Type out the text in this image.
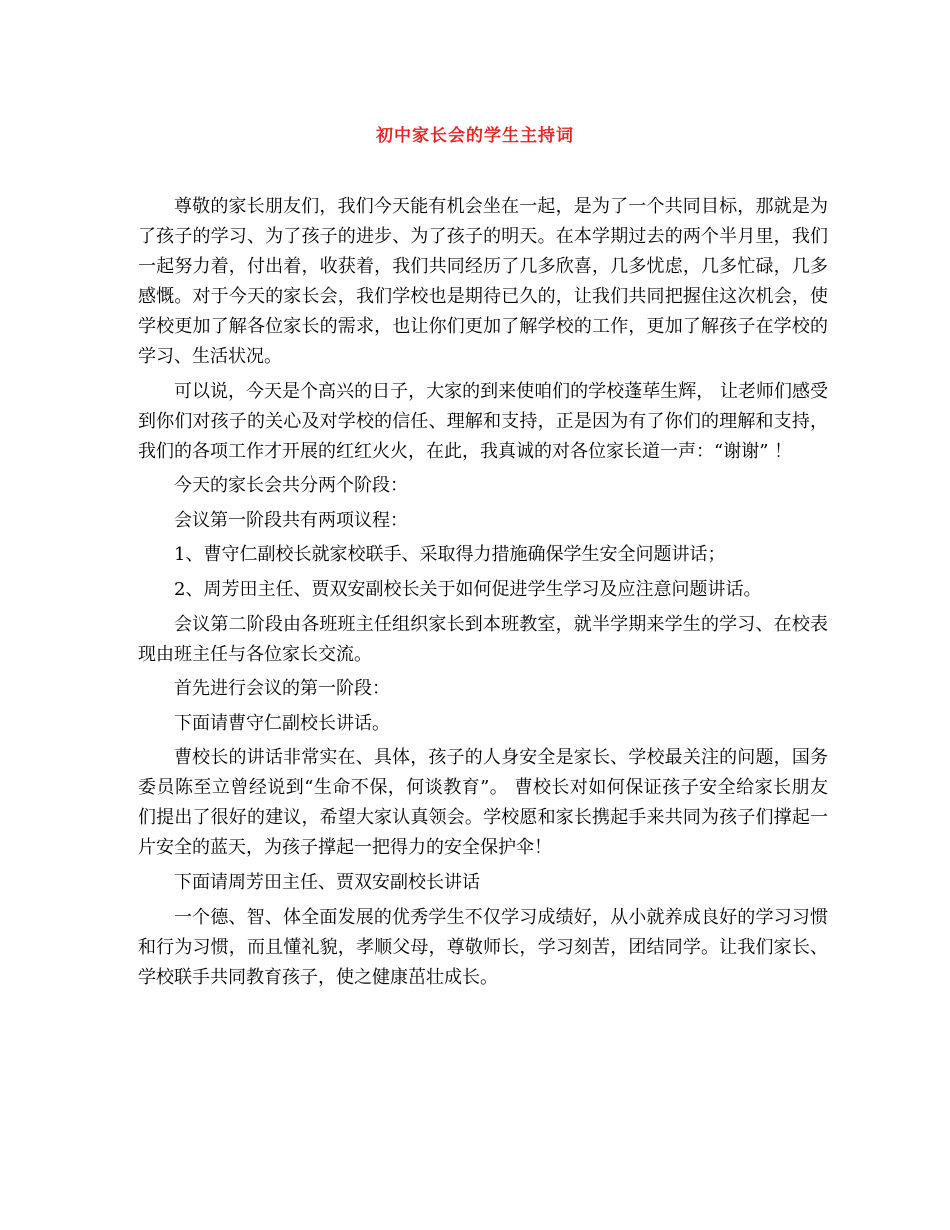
初中家长会的学生主持词

尊敬的家长朋友们，我们今天能有机会坐在一起，是为了一个共同目标，那就是为了孩子的学习、为了孩子的进步、为了孩子的明天。在本学期过去的两个半月里，我们一起努力着，付出着，收获着，我们共同经历了几多欣喜，几多忧虑，几多忙碌，几多感慨。对于今天的家长会，我们学校也是期待已久的，让我们共同把握住这次机会，使学校更加了解各位家长的需求，也让你们更加了解学校的工作，更加了解孩子在学校的学习、生活状况。

可以说，今天是个高兴的日子，大家的到来使咱们的学校蓬荜生辉， 让老师们感受到你们对孩子的关心及对学校的信任、理解和支持，正是因为有了你们的理解和支持，我们的各项工作才开展的红红火火，在此，我真诚的对各位家长道一声：“谢谢” ！

今天的家长会共分两个阶段：

会议第一阶段共有两项议程：

1、曹守仁副校长就家校联手、采取得力措施确保学生安全问题讲话；

2、周芳田主任、贾双安副校长关于如何促进学生学习及应注意问题讲话。

会议第二阶段由各班班主任组织家长到本班教室，就半学期来学生的学习、在校表现由班主任与各位家长交流。

首先进行会议的第一阶段：

下面请曹守仁副校长讲话。

曹校长的讲话非常实在、具体，孩子的人身安全是家长、学校最关注的问题，国务委员陈至立曾经说到“生命不保，何谈教育”。 曹校长对如何保证孩子安全给家长朋友们提出了很好的建议，希望大家认真领会。学校愿和家长携起手来共同为孩子们撑起一片安全的蓝天，为孩子撑起一把得力的安全保护伞！

下面请周芳田主任、贾双安副校长讲话

一个德、智、体全面发展的优秀学生不仅学习成绩好，从小就养成良好的学习习惯和行为习惯，而且懂礼貌，孝顺父母，尊敬师长，学习刻苦，团结同学。让我们家长、学校联手共同教育孩子，使之健康茁壮成长。
